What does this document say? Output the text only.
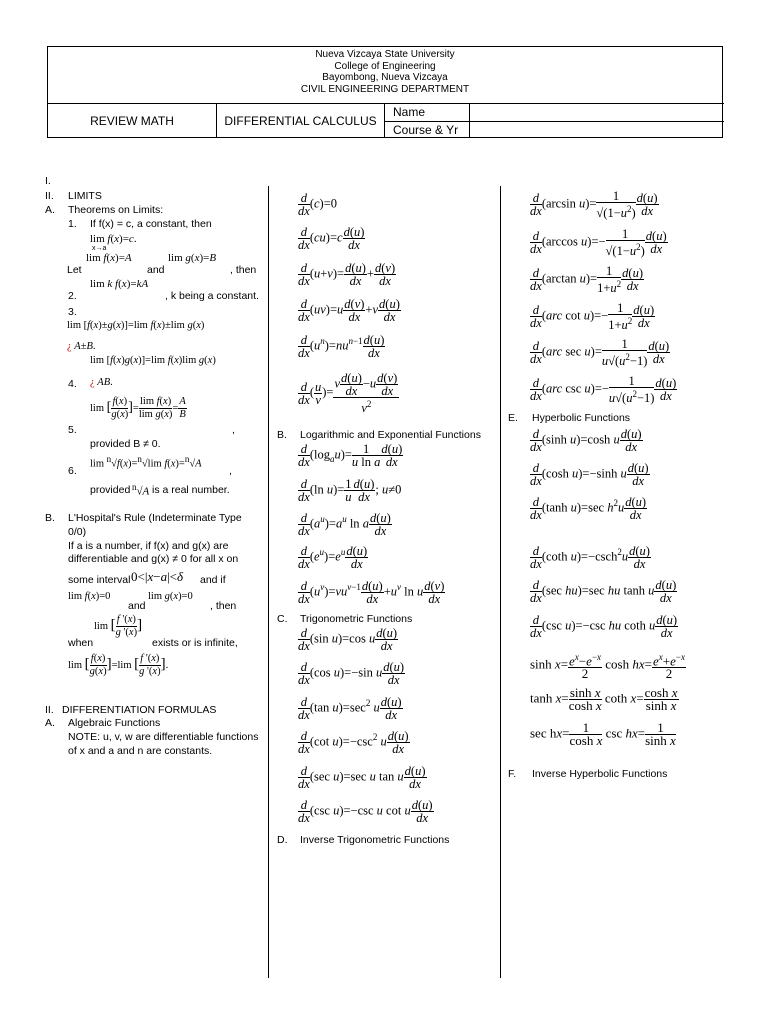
Nueva Vizcaya State University
College of Engineering
Bayombong, Nueva Vizcaya
CIVIL ENGINEERING DEPARTMENT
REVIEW MATH	DIFFERENTIAL CALCULUS
Name
Course & Yr
I.
II. LIMITS
A. Theorems on Limits:
1. If f(x) = c, a constant, then
lim f(x)=c.
x→a
lim f(x)=A
Let	and
lim g(x)=B
, then
lim k f(x)=kA
2.	, k being a constant.
3.
lim [f(x)±g(x)]=lim f(x)±lim g(x)
¿ A±B.
lim [f(x)g(x)]=lim f(x)lim g(x)
4. ¿ AB.
lim [ $\frac{f(x)}{g(x)}$ ]= $\frac{\text{lim f(x)}}{\text{lim g(x)}} = \frac{A}{B}$
5.	,
provided B ≠ 0.
6.
lim $^n$√f(x)=$^n$√lim f(x)=$^n$√A
,
provided $^n$√A is a real number.
B. L'Hospital's Rule (Indeterminate Type
0/0)
If a is a number, if f(x) and g(x) are
differentiable and g(x) ≠ 0 for all x on
some interval 0<|x−a|<δ and if
lim f(x)=0
and
lim g(x)=0
, then
lim [ $\frac{f '(x)}{g '(x)}$ ]
when	exists or is infinite,
lim [ $\frac{f(x)}{g(x)} ]=\lim$ [ $\frac{f '(x)}{g '(x)}$ ].
II. DIFFERENTIATION FORMULAS
A. Algebraic Functions
NOTE: u, v, w are differentiable functions
of x and a and n are constants.
$\frac{d}{dx} (c)=0$
$\frac{d}{dx} (cu)=c \frac{d(u)}{dx}$
$\frac{d}{dx} (u+v)= \frac{d(u)}{dx} + \frac{d(v)}{dx}$
$\frac{d}{dx} (uv)=u \frac{d(v)}{dx} +v \frac{d(u)}{dx}$
$\frac{d}{dx} (u^n)=nu^{n-1} \frac{d(u)}{dx}$
$\frac{d}{dx}$ ( $\frac{u}{v}$ )= $\frac{v \frac{d(u)}{dx} -u \frac{d(v)}{dx}}{v^2}$
B. Logarithmic and Exponential Functions
$\frac{d}{dx} (\log_au)= \frac{1}{\text{u ln a}} \frac{d(u)}{dx}$
$\frac{d}{dx} (\ln$ $u)= \frac{1}{u} \frac{d(u)}{dx}$ ; u≠0
$\frac{d}{dx} (a^u)=a^u$ ln a $\frac{d(u)}{dx}$
$\frac{d}{dx} (e^u)=e^u \frac{d(u)}{dx}$
$\frac{d}{dx} (u^v)=vu^{v-1} \frac{d(u)}{dx} +u^v$ ln u $\frac{d(v)}{dx}$
C. Trigonometric Functions
$\frac{d}{dx} (\sin$ u)=cos u $\frac{d(u)}{dx}$
$\frac{d}{dx} (\cos$ u)=−sin u $\frac{d(u)}{dx}$
$\frac{d}{dx} (\tan$ $u)=\sec^2$ u $\frac{d(u)}{dx}$
$\frac{d}{dx} (\cot$ $u)=-\csc^2$ u $\frac{d(u)}{dx}$
$\frac{d}{dx} (\sec$ u)=sec u tan u $\frac{d(u)}{dx}$
$\frac{d}{dx} (\csc$ u)=−csc u cot u $\frac{d(u)}{dx}$
D. Inverse Trigonometric Functions
$\frac{d}{dx} (\arcsin$ $u)= \frac{1}{√(1-u^2)} \frac{d(u)}{dx}$
$\frac{d}{dx} (\arccos$ $u)=- \frac{1}{√(1-u^2)} \frac{d(u)}{dx}$
$\frac{d}{dx} (\arctan$ $u)= \frac{1}{1+u^2} \frac{d(u)}{dx}$
$\frac{d}{dx} (arc$ $\cot u)=- \frac{1}{1+u^2} \frac{d(u)}{dx}$
$\frac{d}{dx} (arc$ $\sec u)= \frac{1}{u√(u^2-1)} \frac{d(u)}{dx}$
$\frac{d}{dx} (arc$ $\csc u)=- \frac{1}{u√(u^2-1)} \frac{d(u)}{dx}$
E. Hyperbolic Functions
$\frac{d}{dx} (\sinh$ u)=cosh u $\frac{d(u)}{dx}$
$\frac{d}{dx} (\cosh$ u)=−sinh u $\frac{d(u)}{dx}$
$\frac{d}{dx} (\tanh$ u)=sec $h^2u \frac{d(u)}{dx}$
$\frac{d}{dx} (\cot h$ $u)=-\csc h^2u \frac{d(u)}{dx}$
$\frac{d}{dx} (\sec$ hu)=sec hu tanh u $\frac{d(u)}{dx}$
$\frac{d}{dx} (\csc$ u)=−csc hu coth u $\frac{d(u)}{dx}$
$\sinh x= \frac{e^x-e^{-x}}{2}$ $\cosh hx= \frac{e^x+e^{-x}}{2}$
$\tanh x= \frac{\text{sinh x}}{\text{cosh x}}$ coth $x= \frac{\text{cosh x}}{\text{sinh x}}$
$\sec hx= \frac{1}{\text{cosh x}}$ $\csc hx= \frac{1}{\text{sinh x}}$
F. Inverse Hyperbolic Functions
